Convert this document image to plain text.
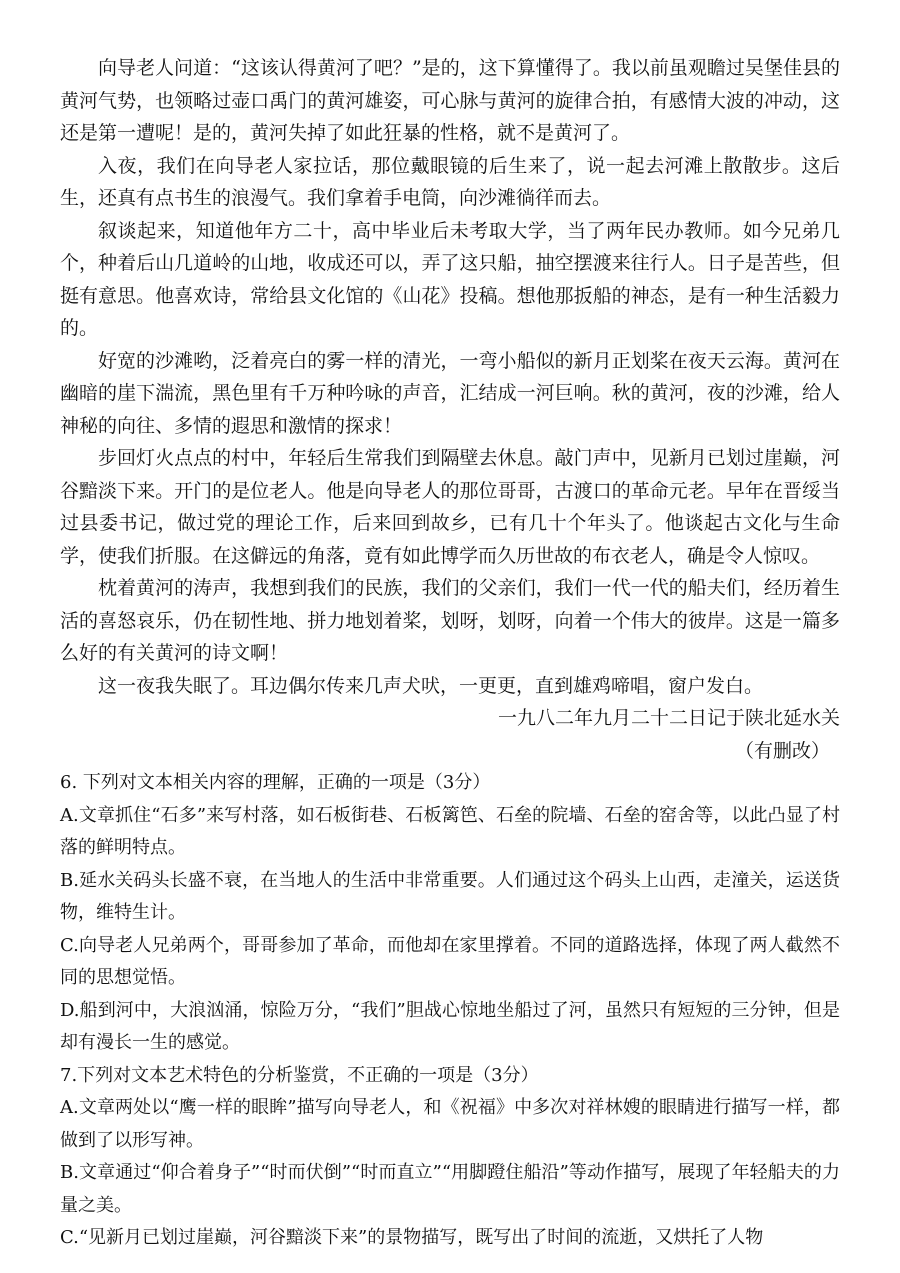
向导老人问道：“这该认得黄河了吧？”是的，这下算懂得了。我以前虽观瞻过吴堡佳县的黄河气势，也领略过壶口禹门的黄河雄姿，可心脉与黄河的旋律合拍，有感情大波的冲动，这还是第一遭呢！是的，黄河失掉了如此狂暴的性格，就不是黄河了。

入夜，我们在向导老人家拉话，那位戴眼镜的后生来了，说一起去河滩上散散步。这后生，还真有点书生的浪漫气。我们拿着手电筒，向沙滩徜徉而去。

叙谈起来，知道他年方二十，高中毕业后未考取大学，当了两年民办教师。如今兄弟几个，种着后山几道岭的山地，收成还可以，弄了这只船，抽空摆渡来往行人。日子是苦些，但挺有意思。他喜欢诗，常给县文化馆的《山花》投稿。想他那扳船的神态，是有一种生活毅力的。

好宽的沙滩哟，泛着亮白的雾一样的清光，一弯小船似的新月正划桨在夜天云海。黄河在幽暗的崖下湍流，黑色里有千万种吟咏的声音，汇结成一河巨响。秋的黄河，夜的沙滩，给人神秘的向往、多情的遐思和激情的探求！

步回灯火点点的村中，年轻后生常我们到隔壁去休息。敲门声中，见新月已划过崖巅，河谷黯淡下来。开门的是位老人。他是向导老人的那位哥哥，古渡口的革命元老。早年在晋绥当过县委书记，做过党的理论工作，后来回到故乡，已有几十个年头了。他谈起古文化与生命学，使我们折服。在这僻远的角落，竟有如此博学而久历世故的布衣老人，确是令人惊叹。

枕着黄河的涛声，我想到我们的民族，我们的父亲们，我们一代一代的船夫们，经历着生活的喜怒哀乐，仍在韧性地、拼力地划着桨，划呀，划呀，向着一个伟大的彼岸。这是一篇多么好的有关黄河的诗文啊！

这一夜我失眠了。耳边偶尔传来几声犬吠，一更更，直到雄鸡啼唱，窗户发白。

一九八二年九月二十二日记于陕北延水关

（有删改）

6. 下列对文本相关内容的理解，正确的一项是（3分）

A.文章抓住“石多”来写村落，如石板街巷、石板篱笆、石垒的院墙、石垒的窑舍等，以此凸显了村落的鲜明特点。

B.延水关码头长盛不衰，在当地人的生活中非常重要。人们通过这个码头上山西，走潼关，运送货物，维特生计。

C.向导老人兄弟两个，哥哥参加了革命，而他却在家里撑着。不同的道路选择，体现了两人截然不同的思想觉悟。

D.船到河中，大浪汹涌，惊险万分，“我们”胆战心惊地坐船过了河，虽然只有短短的三分钟，但是却有漫长一生的感觉。

7.下列对文本艺术特色的分析鉴赏，不正确的一项是（3分）

A.文章两处以“鹰一样的眼眸”描写向导老人，和《祝福》中多次对祥林嫂的眼睛进行描写一样，都做到了以形写神。

B.文章通过“仰合着身子”“时而伏倒”“时而直立”“用脚蹬住船沿”等动作描写，展现了年轻船夫的力量之美。

C.“见新月已划过崖巅，河谷黯淡下来”的景物描写，既写出了时间的流逝，又烘托了人物
